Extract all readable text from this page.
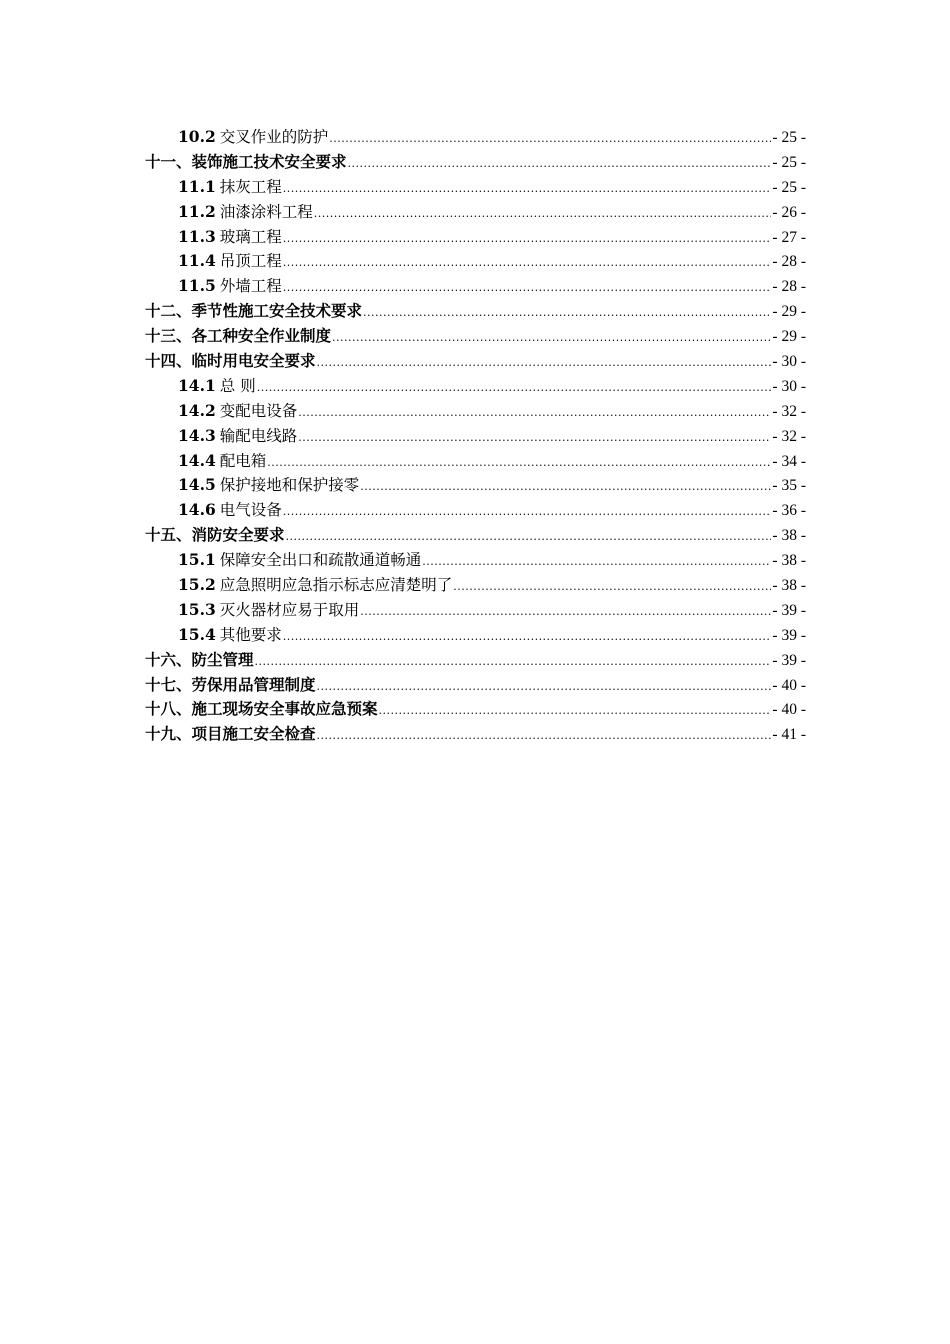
10.2 交叉作业的防护 .....	- 25 -
十一、装饰施工技术安全要求 .....	- 25 -
11.1 抹灰工程 .....	- 25 -
11.2 油漆涂料工程 .....	- 26 -
11.3 玻璃工程 .....	- 27 -
11.4 吊顶工程 .....	- 28 -
11.5 外墙工程 .....	- 28 -
十二、季节性施工安全技术要求 .....	- 29 -
十三、各工种安全作业制度 .....	- 29 -
十四、临时用电安全要求 .....	- 30 -
14.1 总 则 .....	- 30 -
14.2 变配电设备 .....	- 32 -
14.3 输配电线路 .....	- 32 -
14.4 配电箱 .....	- 34 -
14.5 保护接地和保护接零 .....	- 35 -
14.6 电气设备 .....	- 36 -
十五、消防安全要求 .....	- 38 -
15.1 保障安全出口和疏散通道畅通 .....	- 38 -
15.2 应急照明应急指示标志应清楚明了 .....	- 38 -
15.3 灭火器材应易于取用 .....	- 39 -
15.4 其他要求 .....	- 39 -
十六、防尘管理 .....	- 39 -
十七、劳保用品管理制度 .....	- 40 -
十八、施工现场安全事故应急预案 .....	- 40 -
十九、项目施工安全检查 .....	- 41 -
